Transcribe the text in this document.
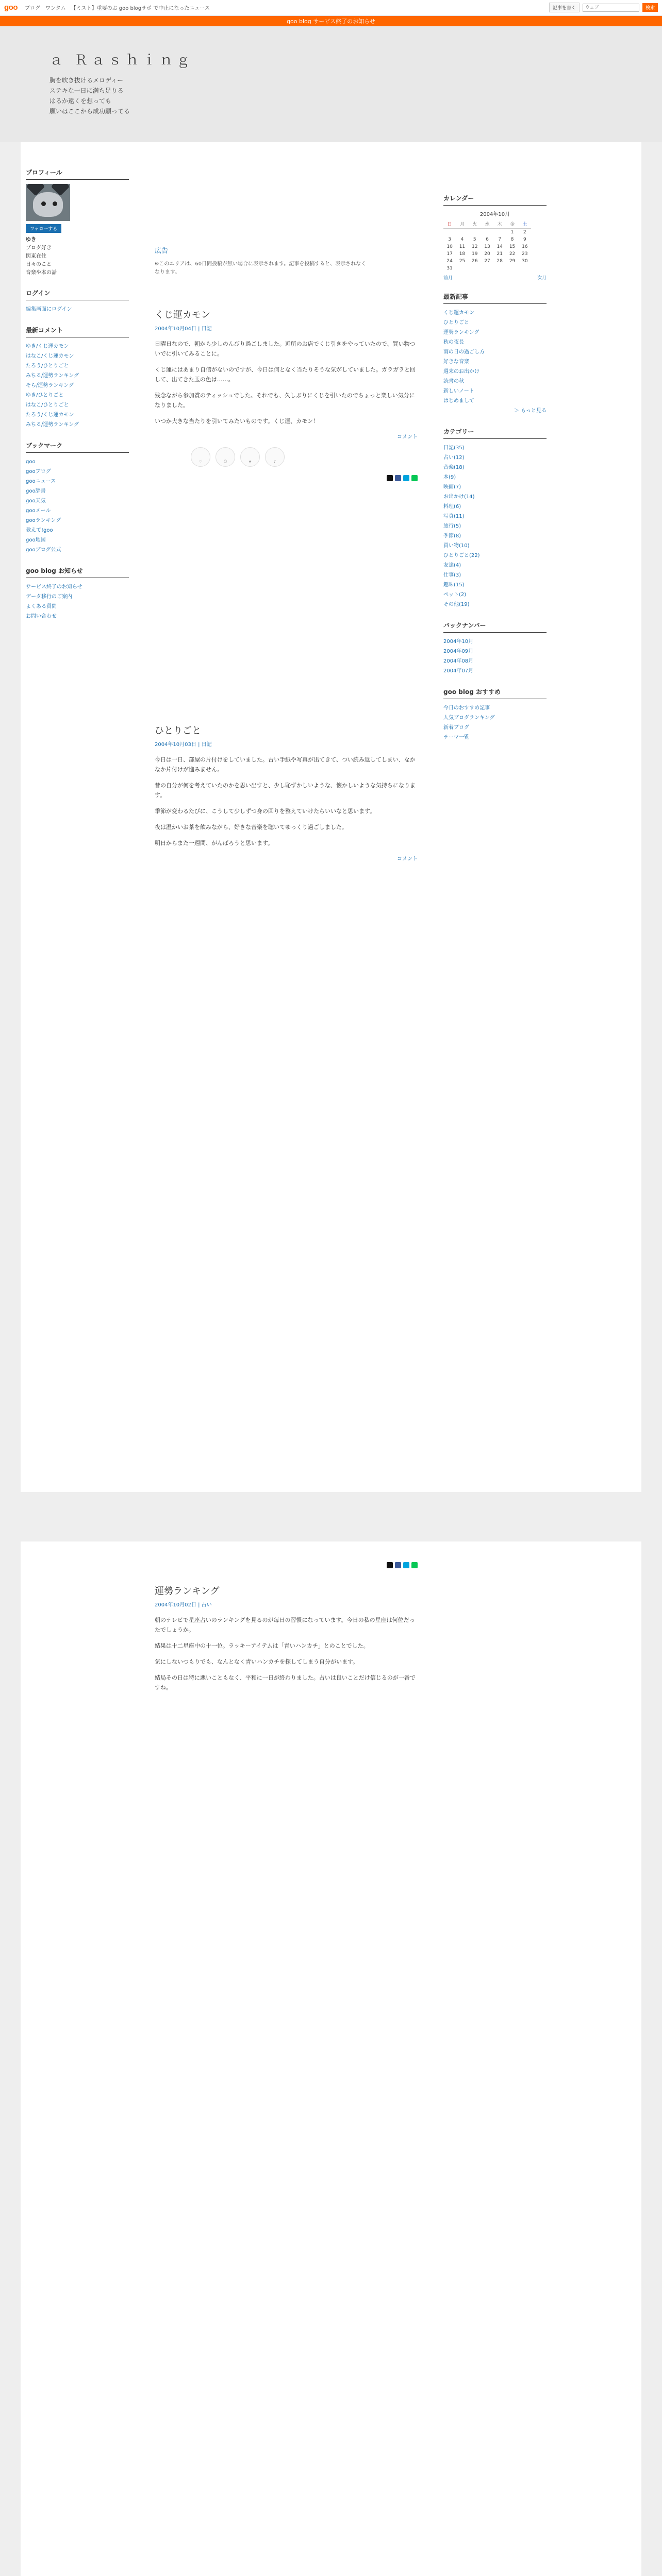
goo ブログ ワンタム 【ミスト】重要のお goo blogサポ で中止になったニュース	記事を書く
ウェブ	検索
goo blog サービス終了のお知らせ
ａ Ｒａｓｈｉｎｇ
胸を吹き抜けるメロディー
ステキな一日に満ち足りる
はるか遠くを想っても
願いはここから成功願ってる
プロフィール
フォローする
ゆき
ブログ好き
関東在住
日々のこと
音楽や本の話
ログイン
編集画面にログイン
最新コメント
ゆき/くじ運カモン
はなこ/くじ運カモン
たろう/ひとりごと
みちる/運勢ランキング
そら/運勢ランキング
ゆき/ひとりごと
はなこ/ひとりごと
たろう/くじ運カモン
みちる/運勢ランキング
ブックマーク
goo
gooブログ
gooニュース
goo辞書
goo天気
gooメール
gooランキング
教えて!goo
goo地図
gooブログ公式
goo blog お知らせ
サービス終了のお知らせ
データ移行のご案内
よくある質問
お問い合わせ
広告
※このエリアは、60日間投稿が無い場合に表示されます。記事を投稿すると、表示されなくなります。
くじ運カモン
2004年10月04日 | 日記

日曜日なので、朝から少しのんびり過ごしました。近所のお店でくじ引きをやっていたので、買い物ついでに引いてみることに。

くじ運にはあまり自信がないのですが、今日は何となく当たりそうな気がしていました。ガラガラと回して、出てきた玉の色は……。

残念ながら参加賞のティッシュでした。それでも、久しぶりにくじを引いたのでちょっと楽しい気分になりました。

いつか大きな当たりを引いてみたいものです。くじ運、カモン！

コメント
♡	☺	★	♪
ひとりごと
2004年10月03日 | 日記

今日は一日、部屋の片付けをしていました。古い手紙や写真が出てきて、つい読み返してしまい、なかなか片付けが進みません。

昔の自分が何を考えていたのかを思い出すと、少し恥ずかしいような、懐かしいような気持ちになります。

季節が変わるたびに、こうして少しずつ身の回りを整えていけたらいいなと思います。

夜は温かいお茶を飲みながら、好きな音楽を聴いてゆっくり過ごしました。

明日からまた一週間、がんばろうと思います。

コメント
カレンダー
2004年10月
日	月	火	水	木	金	土
					1	2
3	4	5	6	7	8	9
10	11	12	13	14	15	16
17	18	19	20	21	22	23
24	25	26	27	28	29	30
31						
前月	次月
最新記事
くじ運カモン
ひとりごと
運勢ランキング
秋の夜長
雨の日の過ごし方
好きな音楽
週末のお出かけ
読書の秋
新しいノート
はじめまして
＞ もっと見る
カテゴリー
日記(35)
占い(12)
音楽(18)
本(9)
映画(7)
お出かけ(14)
料理(6)
写真(11)
旅行(5)
季節(8)
買い物(10)
ひとりごと(22)
友達(4)
仕事(3)
趣味(15)
ペット(2)
その他(19)
バックナンバー
2004年10月
2004年09月
2004年08月
2004年07月
goo blog おすすめ
今日のおすすめ記事
人気ブログランキング
新着ブログ
テーマ一覧
運勢ランキング
2004年10月02日 | 占い

朝のテレビで星座占いのランキングを見るのが毎日の習慣になっています。今日の私の星座は何位だったでしょうか。

結果は十二星座中の十一位。ラッキーアイテムは「青いハンカチ」とのことでした。

気にしないつもりでも、なんとなく青いハンカチを探してしまう自分がいます。

結局その日は特に悪いこともなく、平和に一日が終わりました。占いは良いことだけ信じるのが一番ですね。
